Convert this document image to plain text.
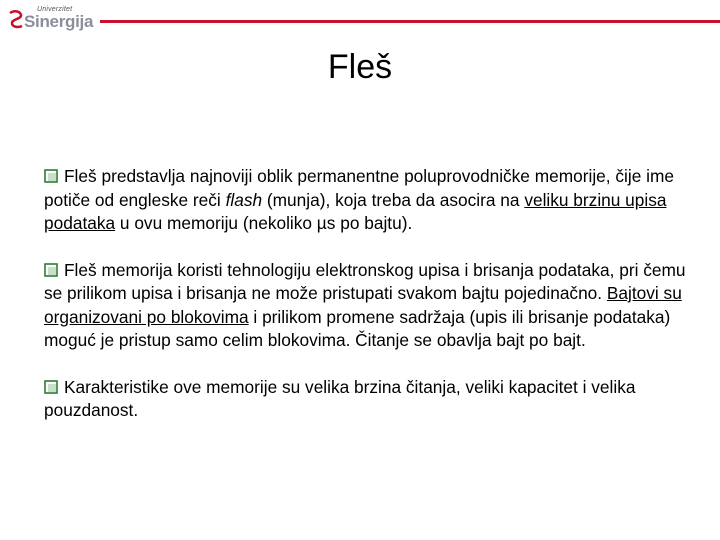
Univerzitet
Sinergija
Fleš

Fleš predstavlja najnoviji oblik permanentne poluprovodničke memorije, čije ime potiče od engleske reči flash (munja), koja treba da asocira na veliku brzinu upisa podataka u ovu memoriju (nekoliko µs po bajtu).

Fleš memorija koristi tehnologiju elektronskog upisa i brisanja podataka, pri čemu se prilikom upisa i brisanja ne može pristupati svakom bajtu pojedinačno. Bajtovi su organizovani po blokovima i prilikom promene sadržaja (upis ili brisanje podataka) moguć je pristup samo celim blokovima. Čitanje se obavlja bajt po bajt.

Karakteristike ove memorije su velika brzina čitanja, veliki kapacitet i velika pouzdanost.
